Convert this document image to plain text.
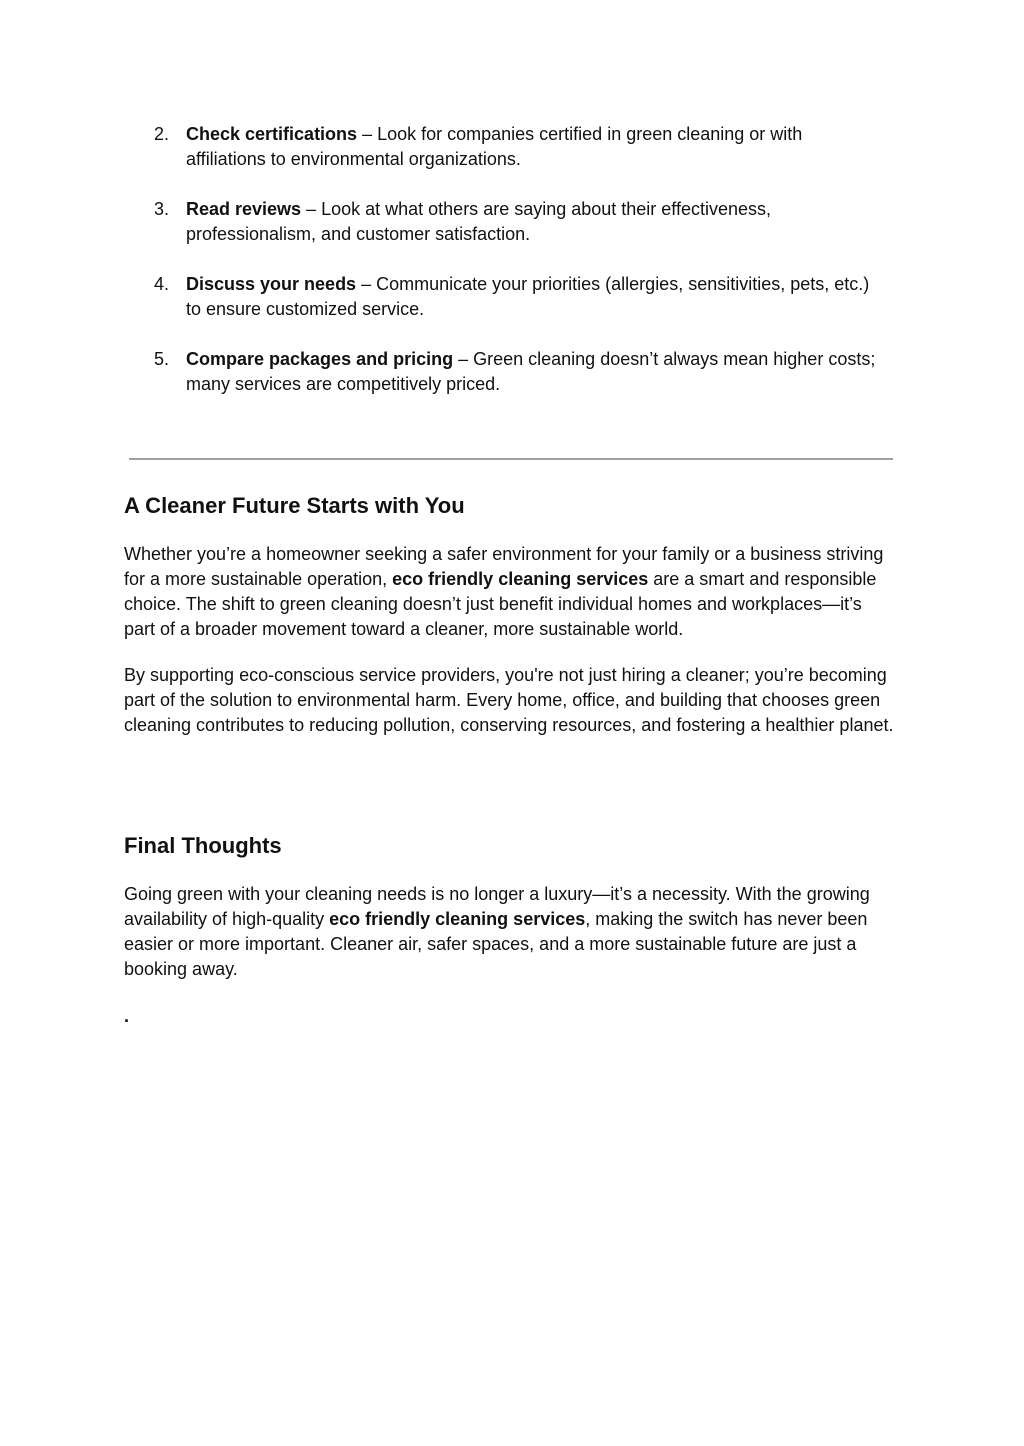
2. Check certifications – Look for companies certified in green cleaning or with affiliations to environmental organizations.
3. Read reviews – Look at what others are saying about their effectiveness, professionalism, and customer satisfaction.
4. Discuss your needs – Communicate your priorities (allergies, sensitivities, pets, etc.) to ensure customized service.
5. Compare packages and pricing – Green cleaning doesn’t always mean higher costs; many services are competitively priced.
A Cleaner Future Starts with You

Whether you’re a homeowner seeking a safer environment for your family or a business striving for a more sustainable operation, eco friendly cleaning services are a smart and responsible choice. The shift to green cleaning doesn’t just benefit individual homes and workplaces—it’s part of a broader movement toward a cleaner, more sustainable world.

By supporting eco-conscious service providers, you're not just hiring a cleaner; you’re becoming part of the solution to environmental harm. Every home, office, and building that chooses green cleaning contributes to reducing pollution, conserving resources, and fostering a healthier planet.

Final Thoughts

Going green with your cleaning needs is no longer a luxury—it’s a necessity. With the growing availability of high-quality eco friendly cleaning services, making the switch has never been easier or more important. Cleaner air, safer spaces, and a more sustainable future are just a booking away.

.
